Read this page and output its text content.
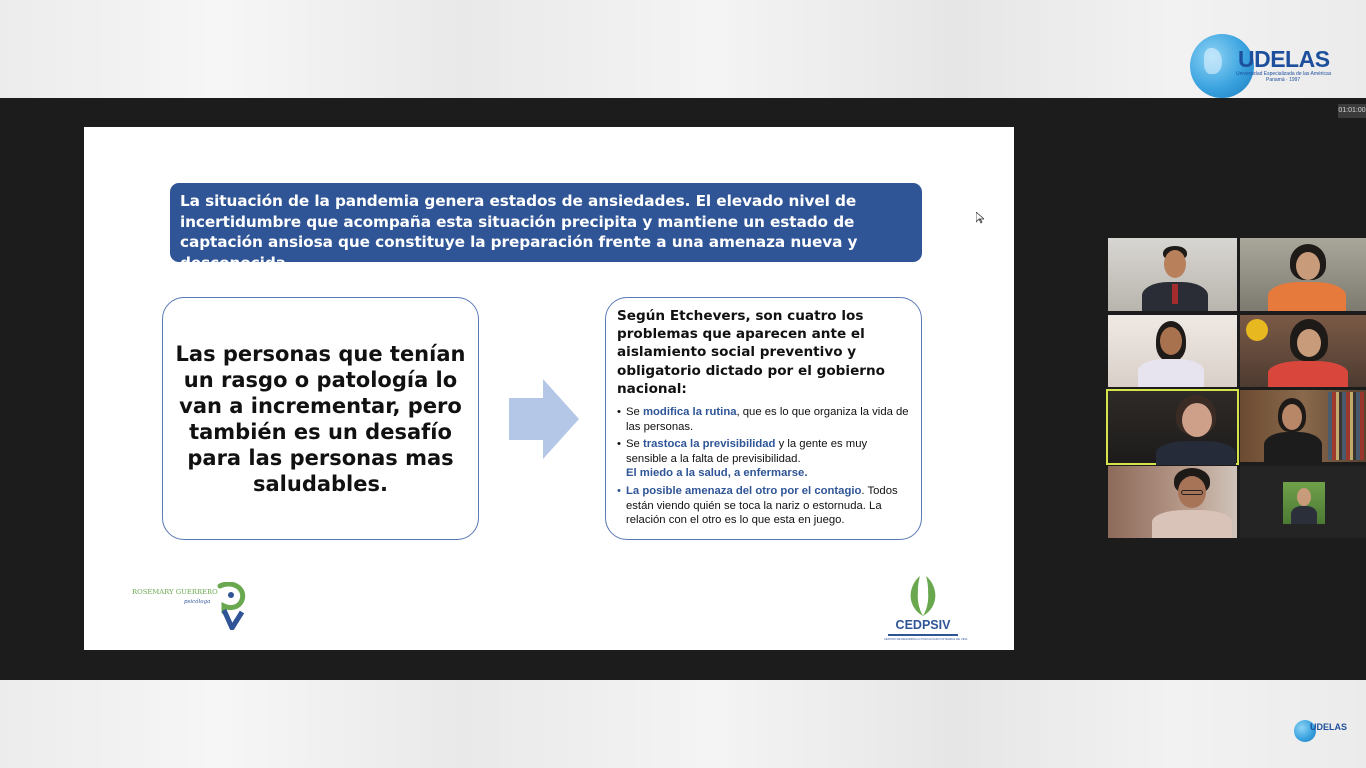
UDELAS
Universidad Especializada de las Américas
Panamá · 1997
01:01:00
La situación de la pandemia genera estados de ansiedades. El elevado nivel de incertidumbre que acompaña esta situación precipita y mantiene un estado de captación ansiosa que constituye la preparación frente a una amenaza nueva y desconocida.
Las personas que tenían un rasgo o patología lo van a incrementar, pero también es un desafío para las personas mas saludables.
Según Etchevers, son cuatro los problemas que aparecen ante el aislamiento social preventivo y obligatorio dictado por el gobierno nacional:
• Se modifica la rutina, que es lo que organiza la vida de las personas.
• Se trastoca la previsibilidad y la gente es muy sensible a la falta de previsibilidad.
El miedo a la salud, a enfermarse.
• La posible amenaza del otro por el contagio. Todos están viendo quién se toca la nariz o estornuda. La relación con el otro es lo que esta en juego.
ROSEMARY GUERRERO
psicóloga
CEDPSIV
CENTRO DE DESARROLLO PSICOLÓGICO INTEGRAL DE VIDA
UDELAS
